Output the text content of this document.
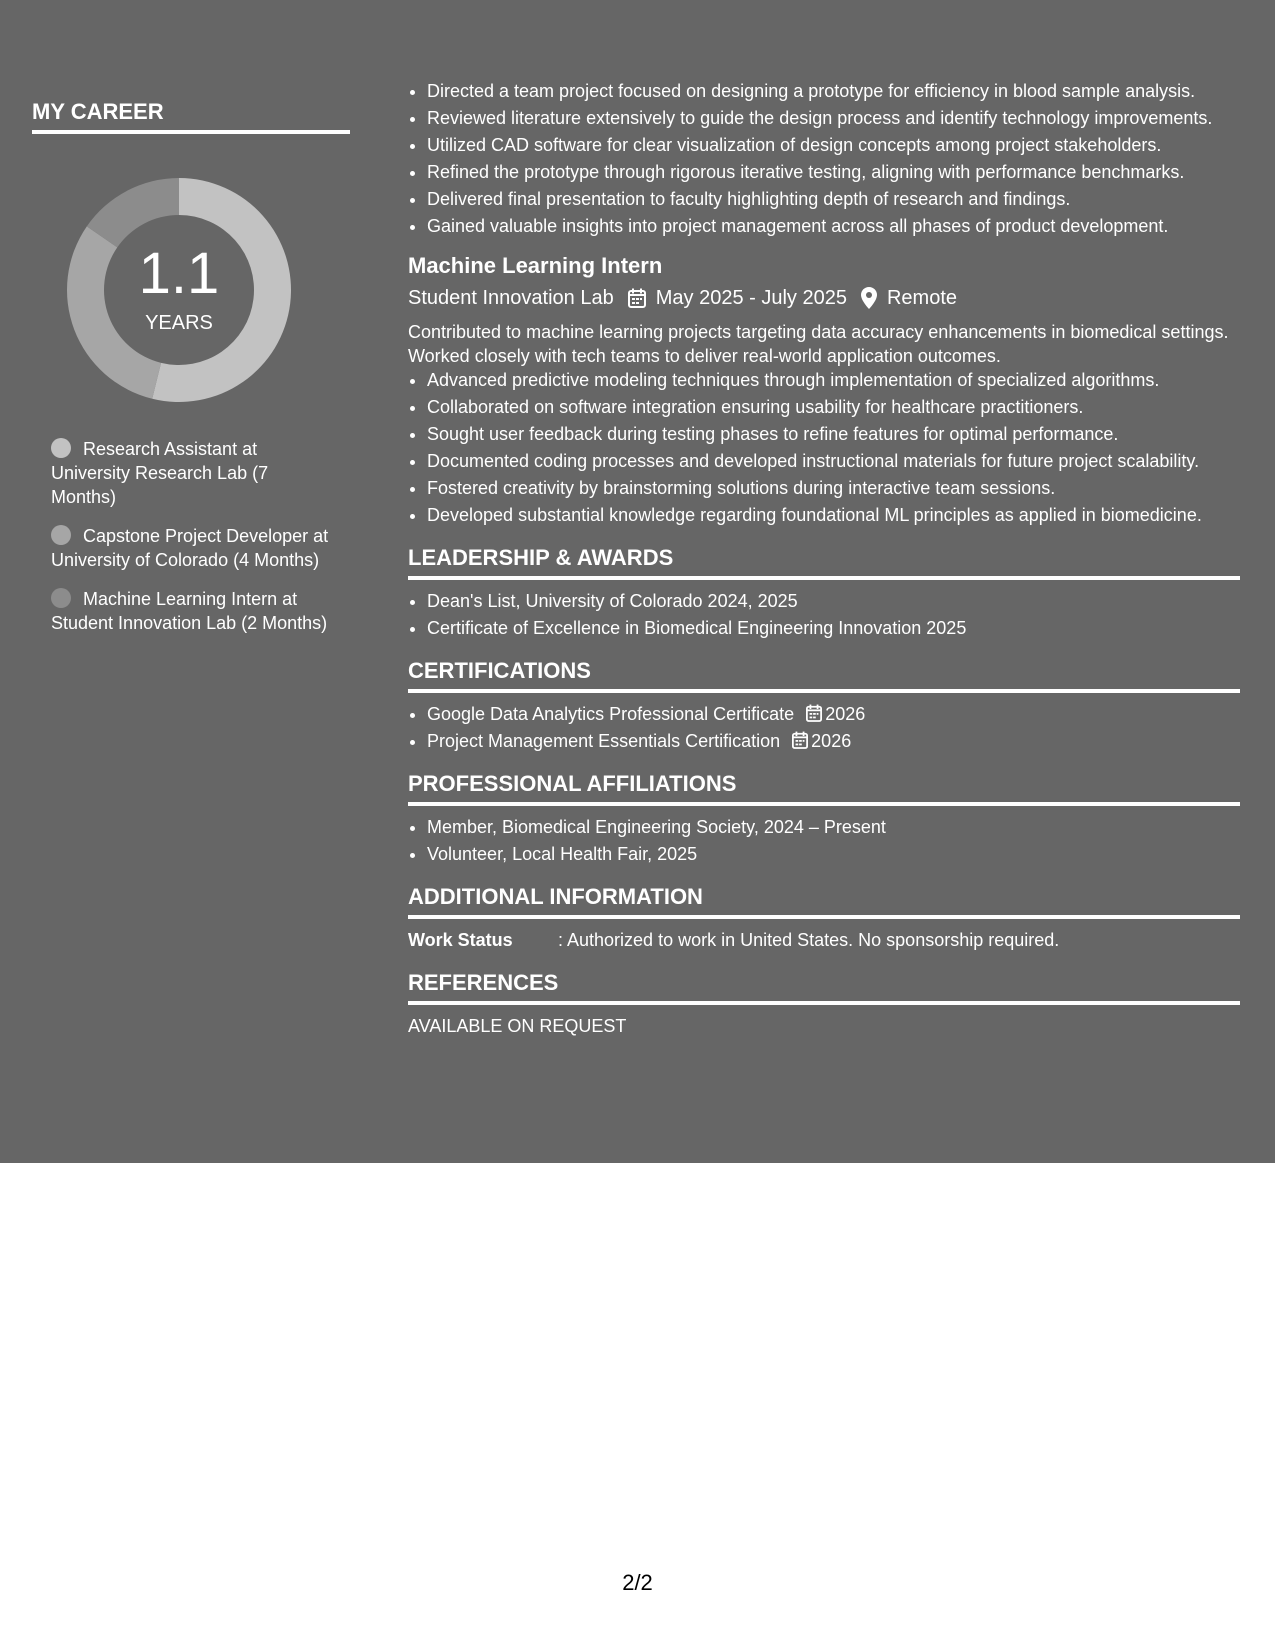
MY CAREER
1.1
YEARS
Research Assistant at University Research Lab (7 Months)
Capstone Project Developer at University of Colorado (4 Months)
Machine Learning Intern at Student Innovation Lab (2 Months)
• Directed a team project focused on designing a prototype for efficiency in blood sample analysis.
• Reviewed literature extensively to guide the design process and identify technology improvements.
• Utilized CAD software for clear visualization of design concepts among project stakeholders.
• Refined the prototype through rigorous iterative testing, aligning with performance benchmarks.
• Delivered final presentation to faculty highlighting depth of research and findings.
• Gained valuable insights into project management across all phases of product development.
Machine Learning Intern
Student Innovation Lab May 2025 - July 2025 Remote
Contributed to machine learning projects targeting data accuracy enhancements in biomedical settings. Worked closely with tech teams to deliver real-world application outcomes.
• Advanced predictive modeling techniques through implementation of specialized algorithms.
• Collaborated on software integration ensuring usability for healthcare practitioners.
• Sought user feedback during testing phases to refine features for optimal performance.
• Documented coding processes and developed instructional materials for future project scalability.
• Fostered creativity by brainstorming solutions during interactive team sessions.
• Developed substantial knowledge regarding foundational ML principles as applied in biomedicine.
LEADERSHIP & AWARDS
• Dean's List, University of Colorado 2024, 2025
• Certificate of Excellence in Biomedical Engineering Innovation 2025
CERTIFICATIONS
• Google Data Analytics Professional Certificate 2026
• Project Management Essentials Certification 2026
PROFESSIONAL AFFILIATIONS
• Member, Biomedical Engineering Society, 2024 – Present
• Volunteer, Local Health Fair, 2025
ADDITIONAL INFORMATION
Work Status	: Authorized to work in United States. No sponsorship required.
REFERENCES
AVAILABLE ON REQUEST
2/2
